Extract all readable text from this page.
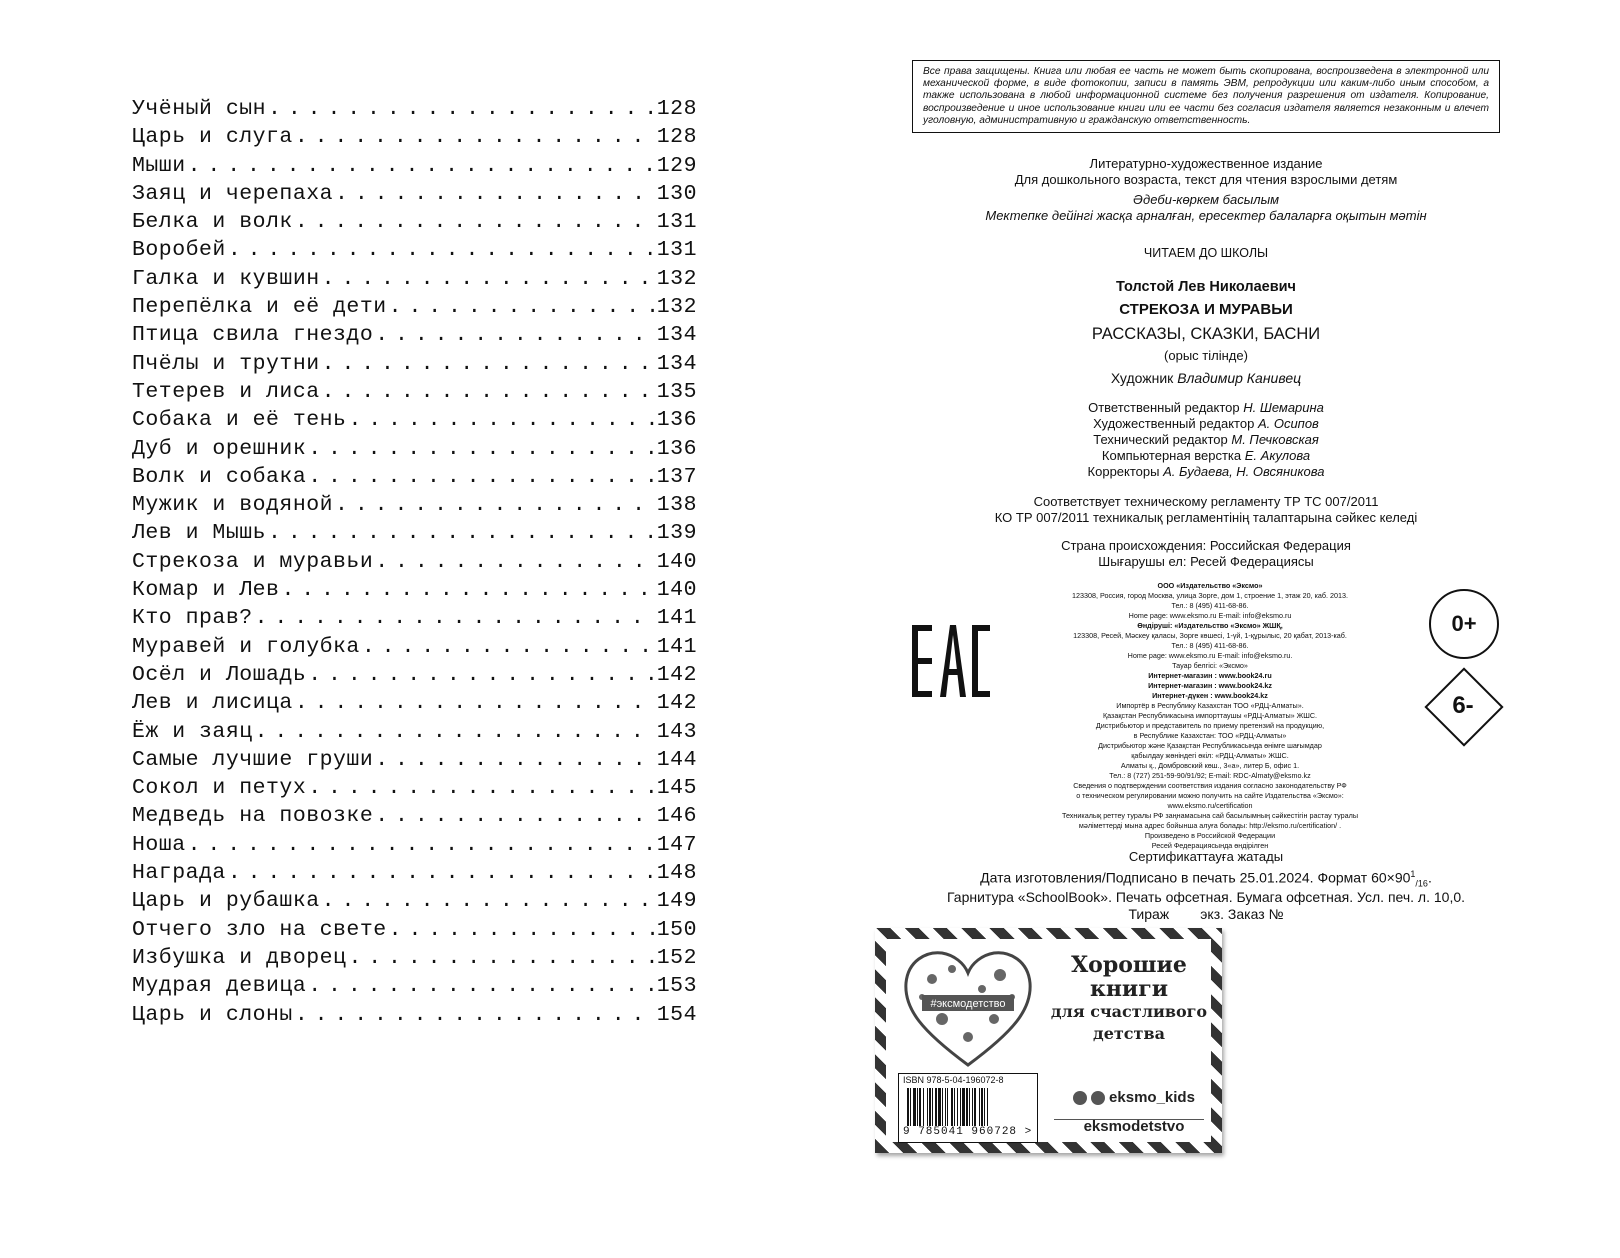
Учёный сын . . .	128
Царь и слуга . . .	128
Мыши . . .	129
Заяц и черепаха . . .	130
Белка и волк . . .	131
Воробей . . .	131
Галка и кувшин . . .	132
Перепёлка и её дети . . .	132
Птица свила гнездо . . .	134
Пчёлы и трутни . . .	134
Тетерев и лиса . . .	135
Собака и её тень . . .	136
Дуб и орешник . . .	136
Волк и собака . . .	137
Мужик и водяной . . .	138
Лев и Мышь . . .	139
Стрекоза и муравьи . . .	140
Комар и Лев . . .	140
Кто прав? . . .	141
Муравей и голубка . . .	141
Осёл и Лошадь . . .	142
Лев и лисица . . .	142
Ёж и заяц . . .	143
Самые лучшие груши . . .	144
Сокол и петух . . .	145
Медведь на повозке . . .	146
Ноша . . .	147
Награда . . .	148
Царь и рубашка . . .	149
Отчего зло на свете . . .	150
Избушка и дворец . . .	152
Мудрая девица . . .	153
Царь и слоны . . .	154
Все права защищены. Книга или любая ее часть не может быть скопирована, воспроизведена в электронной или механической форме, в виде фотокопии, записи в память ЭВМ, репродукции или каким-либо иным способом, а также использована в любой информационной системе без получения разрешения от издателя. Копирование, воспроизведение и иное использование книги или ее части без согласия издателя является незаконным и влечет уголовную, административную и гражданскую ответственность.
Литературно-художественное издание
Для дошкольного возраста, текст для чтения взрослыми детям
Әдеби-көркем басылым
Мектепке дейінгі жасқа арналған, ересектер балаларға оқытын мәтін
ЧИТАЕМ ДО ШКОЛЫ
Толстой Лев Николаевич
СТРЕКОЗА И МУРАВЬИ
РАССКАЗЫ, СКАЗКИ, БАСНИ
(орыс тілінде)
Художник Владимир Канивец
Ответственный редактор Н. Шемарина
Художественный редактор А. Осипов
Технический редактор М. Печковская
Компьютерная верстка Е. Акулова
Корректоры А. Будаева, Н. Овсяникова
Соответствует техническому регламенту ТР ТС 007/2011
КО ТР 007/2011 техникалық регламентінің талаптарына сәйкес келеді
Страна происхождения: Российская Федерация
Шығарушы ел: Ресей Федерациясы
ООО «Издательство «Эксмо»
123308, Россия, город Москва, улица Зорге, дом 1, строение 1, этаж 20, каб. 2013.
Тел.: 8 (495) 411-68-86.
Home page: www.eksmo.ru E-mail: info@eksmo.ru
Өндіруші: «Издательство «Эксмо» ЖШҚ,
123308, Ресей, Мәскеу қаласы, Зорге көшесі, 1-үй, 1-құрылыс, 20 қабат, 2013-каб.
Тел.: 8 (495) 411-68-86.
Home page: www.eksmo.ru E-mail: info@eksmo.ru.
Тауар белгісі: «Эксмо»
Интернет-магазин : www.book24.ru
Интернет-магазин : www.book24.kz
Интернет-дүкен : www.book24.kz
Импортёр в Республику Казахстан ТОО «РДЦ-Алматы».
Қазақстан Республикасына импорттаушы «РДЦ-Алматы» ЖШС.
Дистрибьютор и представитель по приему претензий на продукцию,
в Республике Казахстан: ТОО «РДЦ-Алматы»
Дистрибьютор және Қазақстан Республикасында өнімге шағымдар
қабылдау жөніндегі өкіл: «РДЦ-Алматы» ЖШС.
Алматы қ., Домбровский көш., 3«а», литер Б, офис 1.
Тел.: 8 (727) 251-59-90/91/92; E-mail: RDC-Almaty@eksmo.kz
Сведения о подтверждении соответствия издания согласно законодательству РФ
о техническом регулировании можно получить на сайте Издательства «Эксмо»:
www.eksmo.ru/certification
Техникалық реттеу туралы РФ заңнамасына сай басылымның сәйкестігін растау туралы
мәліметтерді мына адрес бойынша алуға болады: http://eksmo.ru/certification/ .
Произведено в Российской Федерации
Ресей Федерациясында өндірілген
0+
6-
Сертификаттауға жатады
Дата изготовления/Подписано в печать 25.01.2024. Формат $60\times 90^1_{/16}$.
Гарнитура «SchoolBook». Печать офсетная. Бумага офсетная. Усл. печ. л. 10,0.
Тираж        экз. Заказ №
#эксмодетство
Хорошие
книги
для счастливого
детства
ISBN 978-5-04-196072-8
9 785041 960728 >
eksmo_kids
eksmodetstvo
